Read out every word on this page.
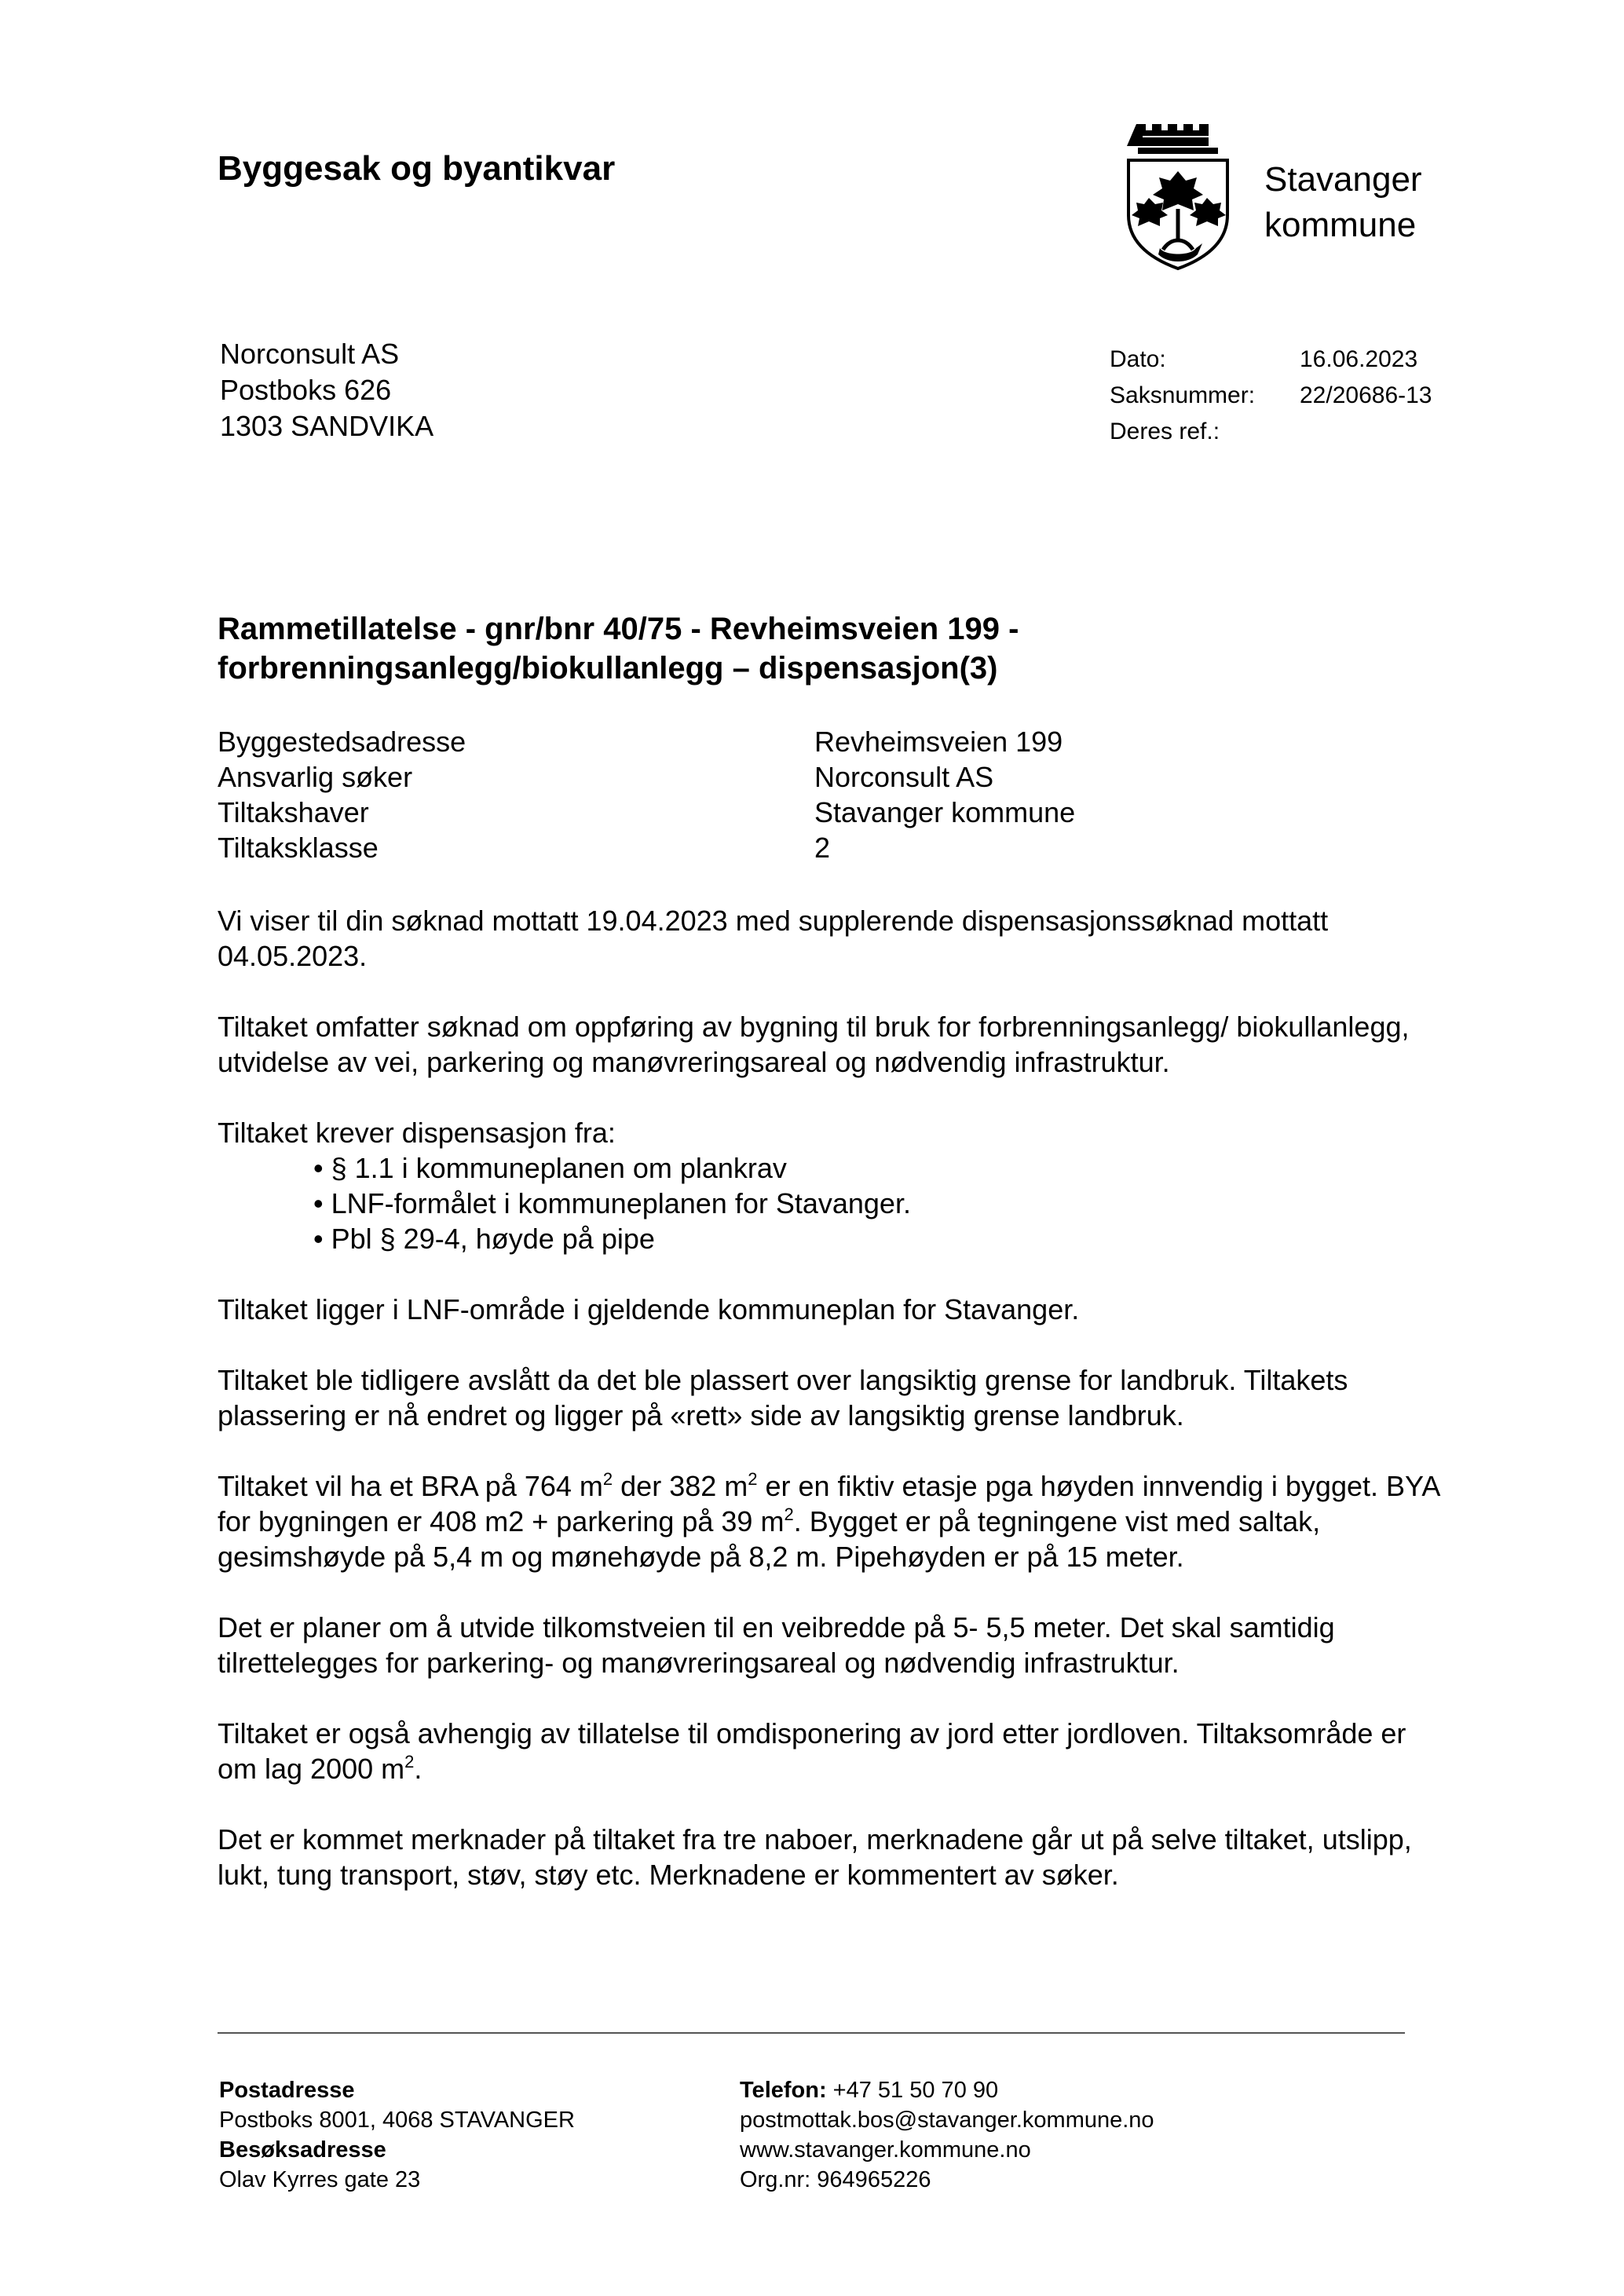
Byggesak og byantikvar	Stavanger
kommune
Norconsult AS
Postboks 626
1303 SANDVIKA
Dato:	16.06.2023
Saksnummer:	22/20686-13
Deres ref.:
Rammetillatelse - gnr/bnr 40/75 - Revheimsveien 199 -
forbrenningsanlegg/biokullanlegg – dispensasjon(3)
Byggestedsadresse	Revheimsveien 199
Ansvarlig søker	Norconsult AS
Tiltakshaver	Stavanger kommune
Tiltaksklasse	2

Vi viser til din søknad mottatt 19.04.2023 med supplerende dispensasjonssøknad mottatt 04.05.2023.

Tiltaket omfatter søknad om oppføring av bygning til bruk for forbrenningsanlegg/ biokullanlegg, utvidelse av vei, parkering og manøvreringsareal og nødvendig infrastruktur.

Tiltaket krever dispensasjon fra:
• § 1.1 i kommuneplanen om plankrav
• LNF-formålet i kommuneplanen for Stavanger.
• Pbl § 29-4, høyde på pipe

Tiltaket ligger i LNF-område i gjeldende kommuneplan for Stavanger.

Tiltaket ble tidligere avslått da det ble plassert over langsiktig grense for landbruk. Tiltakets plassering er nå endret og ligger på «rett» side av langsiktig grense landbruk.

Tiltaket vil ha et BRA på 764 $m^2$ der 382 $m^2$ er en fiktiv etasje pga høyden innvendig i bygget. BYA for bygningen er 408 m2 + parkering på 39 $m^2$. Bygget er på tegningene vist med saltak, gesimshøyde på 5,4 m og mønehøyde på 8,2 m. Pipehøyden er på 15 meter.

Det er planer om å utvide tilkomstveien til en veibredde på 5- 5,5 meter. Det skal samtidig tilrettelegges for parkering- og manøvreringsareal og nødvendig infrastruktur.

Tiltaket er også avhengig av tillatelse til omdisponering av jord etter jordloven. Tiltaksområde er om lag 2000 $m^2$.

Det er kommet merknader på tiltaket fra tre naboer, merknadene går ut på selve tiltaket, utslipp, lukt, tung transport, støv, støy etc. Merknadene er kommentert av søker.

Postadresse
Postboks 8001, 4068 STAVANGER
Besøksadresse
Olav Kyrres gate 23
Telefon: +47 51 50 70 90
postmottak.bos@stavanger.kommune.no
www.stavanger.kommune.no
Org.nr: 964965226
